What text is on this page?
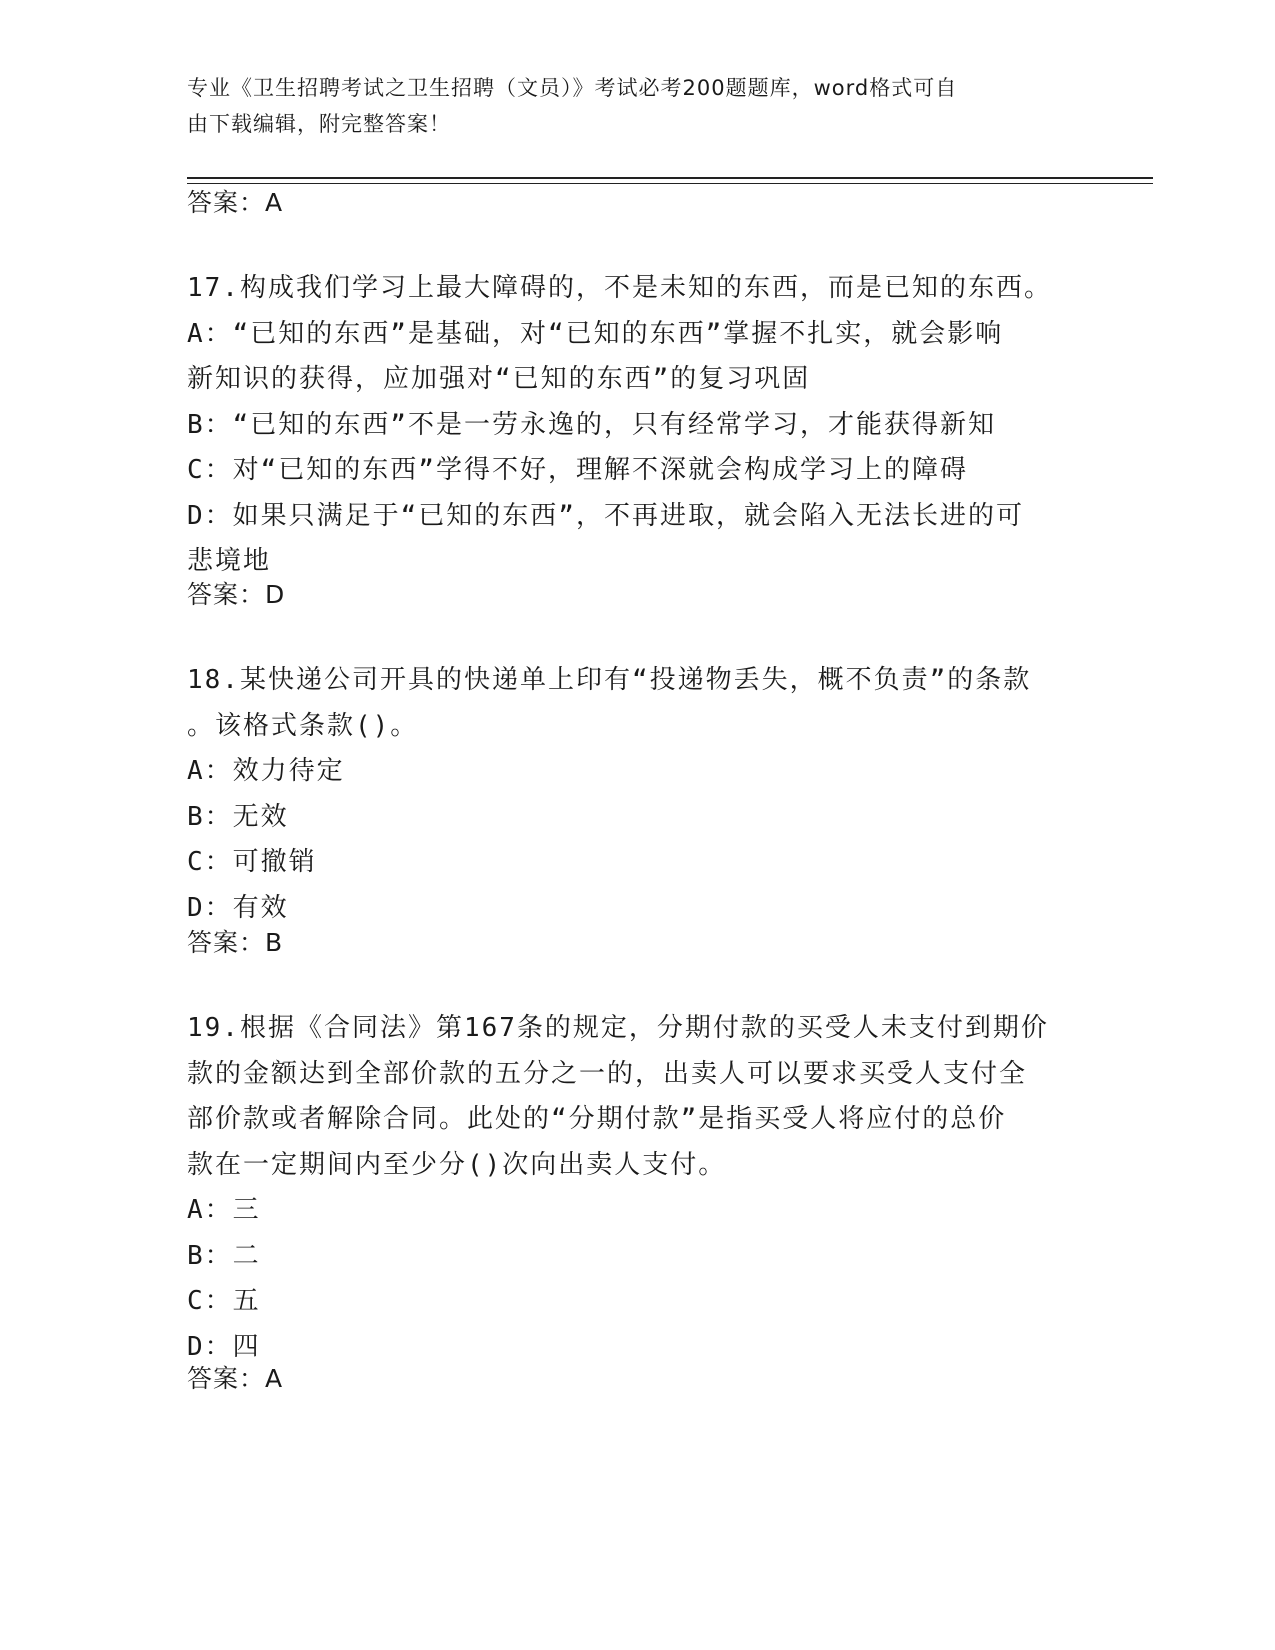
专业《卫生招聘考试之卫生招聘（文员）》考试必考200题题库，word格式可自
由下载编辑，附完整答案！
答案：A
17.构成我们学习上最大障碍的，不是未知的东西，而是已知的东西。
A：“已知的东西”是基础，对“已知的东西”掌握不扎实，就会影响
新知识的获得，应加强对“已知的东西”的复习巩固
B：“已知的东西”不是一劳永逸的，只有经常学习，才能获得新知
C：对“已知的东西”学得不好，理解不深就会构成学习上的障碍
D：如果只满足于“已知的东西”，不再进取，就会陷入无法长进的可
悲境地
答案：D
18.某快递公司开具的快递单上印有“投递物丢失，概不负责”的条款
。该格式条款()。
A：效力待定
B：无效
C：可撤销
D：有效
答案：B
19.根据《合同法》第167条的规定，分期付款的买受人未支付到期价
款的金额达到全部价款的五分之一的，出卖人可以要求买受人支付全
部价款或者解除合同。此处的“分期付款”是指买受人将应付的总价
款在一定期间内至少分()次向出卖人支付。
A：三
B：二
C：五
D：四
答案：A
